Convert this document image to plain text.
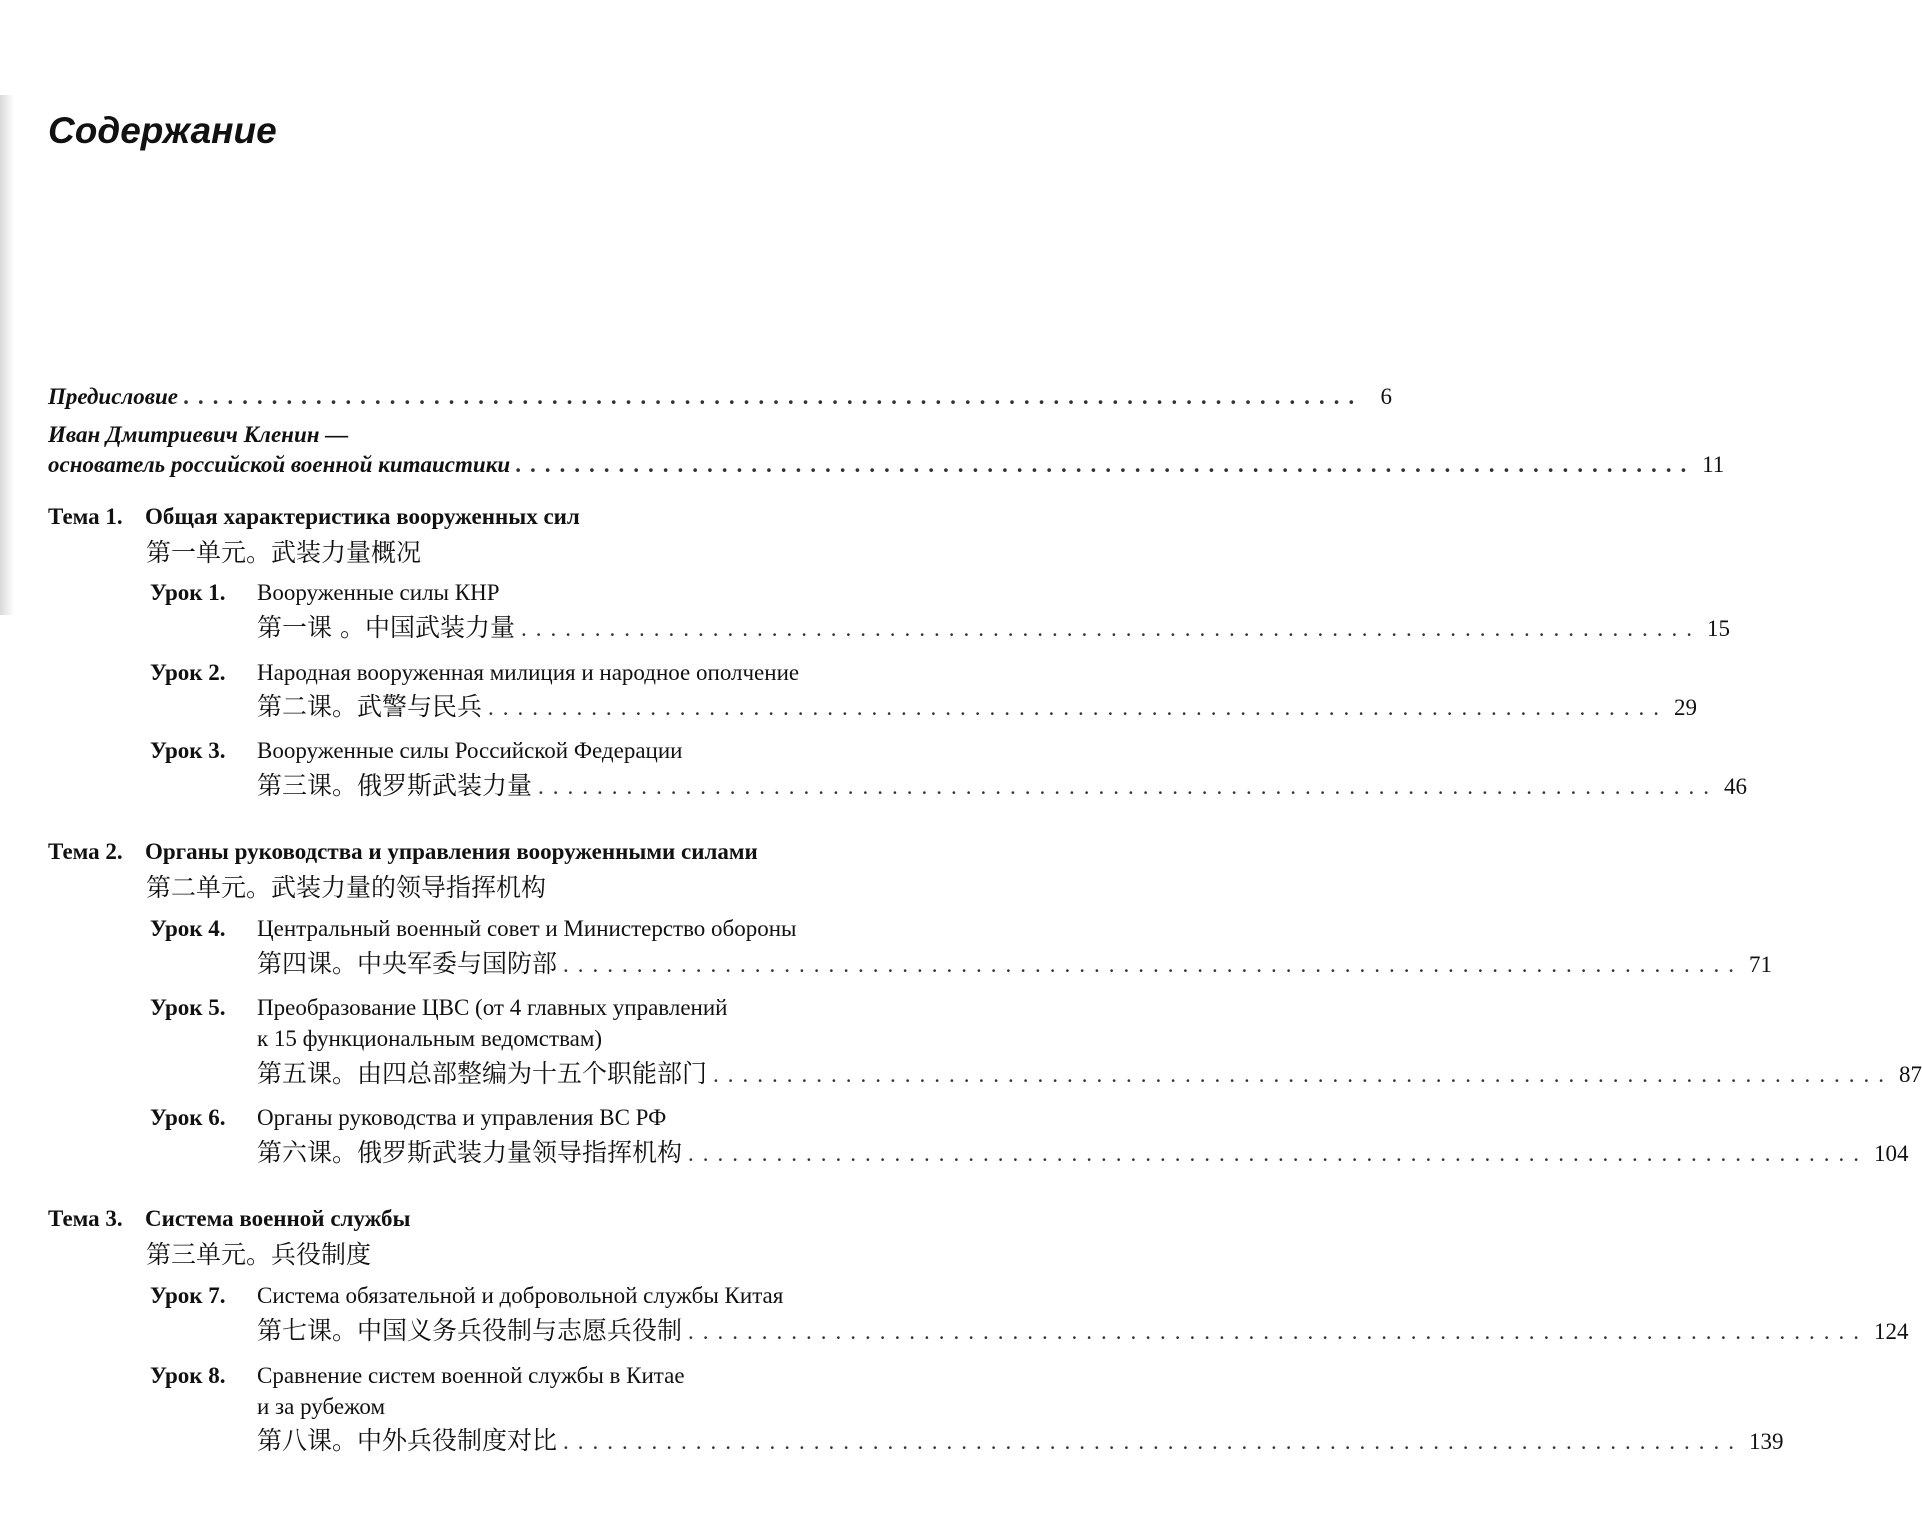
Содержание
Предисловие ................................................................................ 6
Иван Дмитриевич Кленин —
основатель российской военной китаистики ................................................................................ 11
Тема 1. Общая характеристика вооруженных сил
第一单元。武装力量概况
Урок 1. Вооруженные силы КНР
第一课 。中国武装力量 ................................................................................ 15
Урок 2. Народная вооруженная милиция и народное ополчение
第二课。武警与民兵 ................................................................................ 29
Урок 3. Вооруженные силы Российской Федерации
第三课。俄罗斯武装力量 ................................................................................ 46
Тема 2. Органы руководства и управления вооруженными силами
第二单元。武装力量的领导指挥机构
Урок 4. Центральный военный совет и Министерство обороны
第四课。中央军委与国防部 ................................................................................ 71
Урок 5. Преобразование ЦВС (от 4 главных управлений
к 15 функциональным ведомствам)
第五课。由四总部整编为十五个职能部门 ................................................................................ 87
Урок 6. Органы руководства и управления ВС РФ
第六课。俄罗斯武装力量领导指挥机构 ................................................................................ 104
Тема 3. Система военной службы
第三单元。兵役制度
Урок 7. Система обязательной и добровольной службы Китая
第七课。中国义务兵役制与志愿兵役制 ................................................................................ 124
Урок 8. Сравнение систем военной службы в Китае
и за рубежом
第八课。中外兵役制度对比 ................................................................................ 139
